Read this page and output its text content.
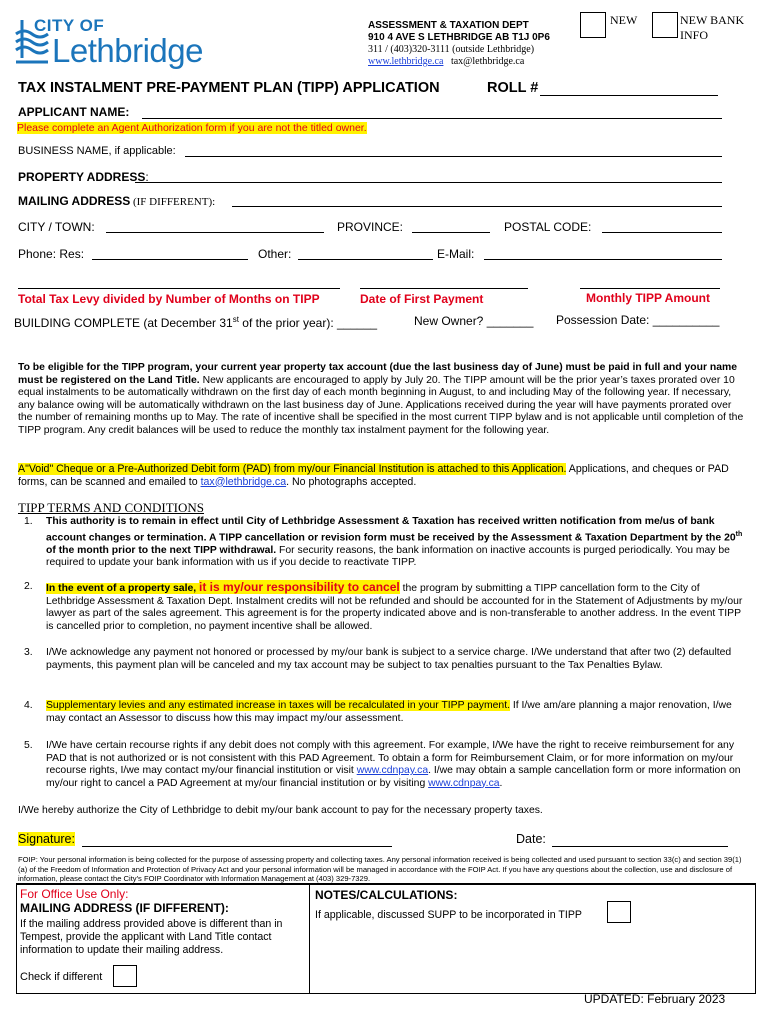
CITY OF
Lethbridge
ASSESSMENT & TAXATION DEPT
910 4 AVE S LETHBRIDGE AB T1J 0P6
311 / (403)320-3111 (outside Lethbridge)
www.lethbridge.ca tax@lethbridge.ca
NEW	NEW BANK
INFO
TAX INSTALMENT PRE-PAYMENT PLAN (TIPP) APPLICATION	ROLL #
APPLICANT NAME:
Please complete an Agent Authorization form if you are not the titled owner.
BUSINESS NAME, if applicable:
PROPERTY ADDRESS:
MAILING ADDRESS (IF DIFFERENT):
CITY / TOWN:	PROVINCE:	POSTAL CODE:
Phone: Res:	Other:	E-Mail:
Total Tax Levy divided by Number of Months on TIPP	Date of First Payment	Monthly TIPP Amount
BUILDING COMPLETE (at December 31st of the prior year): ______	New Owner? _______ Possession Date: __________
To be eligible for the TIPP program, your current year property tax account (due the last business day of June) must be paid in full and your name must be registered on the Land Title. New applicants are encouraged to apply by July 20. The TIPP amount will be the prior year’s taxes prorated over 10 equal instalments to be automatically withdrawn on the first day of each month beginning in August, to and including May of the following year. If necessary, any balance owing will be automatically withdrawn on the last business day of June. Applications received during the year will have payments prorated over the number of remaining months up to May. The rate of incentive shall be specified in the most current TIPP bylaw and is not applicable until completion of the TIPP program. Any credit balances will be used to reduce the monthly tax instalment payment for the following year.
A"Void" Cheque or a Pre-Authorized Debit form (PAD) from my/our Financial Institution is attached to this Application. Applications, and cheques or PAD forms, can be scanned and emailed to tax@lethbridge.ca. No photographs accepted.
TIPP TERMS AND CONDITIONS
1. This authority is to remain in effect until City of Lethbridge Assessment & Taxation has received written notification from me/us of bank account changes or termination. A TIPP cancellation or revision form must be received by the Assessment & Taxation Department by the 20th of the month prior to the next TIPP withdrawal. For security reasons, the bank information on inactive accounts is purged periodically. You may be required to update your bank information with us if you decide to reactivate TIPP.
2. In the event of a property sale, it is my/our responsibility to cancel the program by submitting a TIPP cancellation form to the City of Lethbridge Assessment & Taxation Dept. Instalment credits will not be refunded and should be accounted for in the Statement of Adjustments by my/our lawyer as part of the sales agreement. This agreement is for the property indicated above and is non-transferable to another address. In the event TIPP is cancelled prior to completion, no payment incentive shall be allowed.
3. I/We acknowledge any payment not honored or processed by my/our bank is subject to a service charge. I/We understand that after two (2) defaulted payments, this payment plan will be canceled and my tax account may be subject to tax penalties pursuant to the Tax Penalties Bylaw.
4. Supplementary levies and any estimated increase in taxes will be recalculated in your TIPP payment. If I/we am/are planning a major renovation, I/we may contact an Assessor to discuss how this may impact my/our assessment.
5. I/We have certain recourse rights if any debit does not comply with this agreement. For example, I/We have the right to receive reimbursement for any PAD that is not authorized or is not consistent with this PAD Agreement. To obtain a form for Reimbursement Claim, or for more information on my/our recourse rights, I/we may contact my/our financial institution or visit www.cdnpay.ca. I/we may obtain a sample cancellation form or more information on my/our right to cancel a PAD Agreement at my/our financial institution or by visiting www.cdnpay.ca.
I/We hereby authorize the City of Lethbridge to debit my/our bank account to pay for the necessary property taxes.
Signature:	Date:
FOIP: Your personal information is being collected for the purpose of assessing property and collecting taxes. Any personal information received is being collected and used pursuant to section 33(c) and section 39(1)(a) of the Freedom of Information and Protection of Privacy Act and your personal information will be managed in accordance with the FOIP Act. If you have any questions about the collection, use and disclosure of information, please contact the City's FOIP Coordinator with Information Management at (403) 329-7329.
For Office Use Only:
MAILING ADDRESS (IF DIFFERENT):
If the mailing address provided above is different than in Tempest, provide the applicant with Land Title contact information to update their mailing address.
Check if different
NOTES/CALCULATIONS:
If applicable, discussed SUPP to be incorporated in TIPP
UPDATED: February 2023
